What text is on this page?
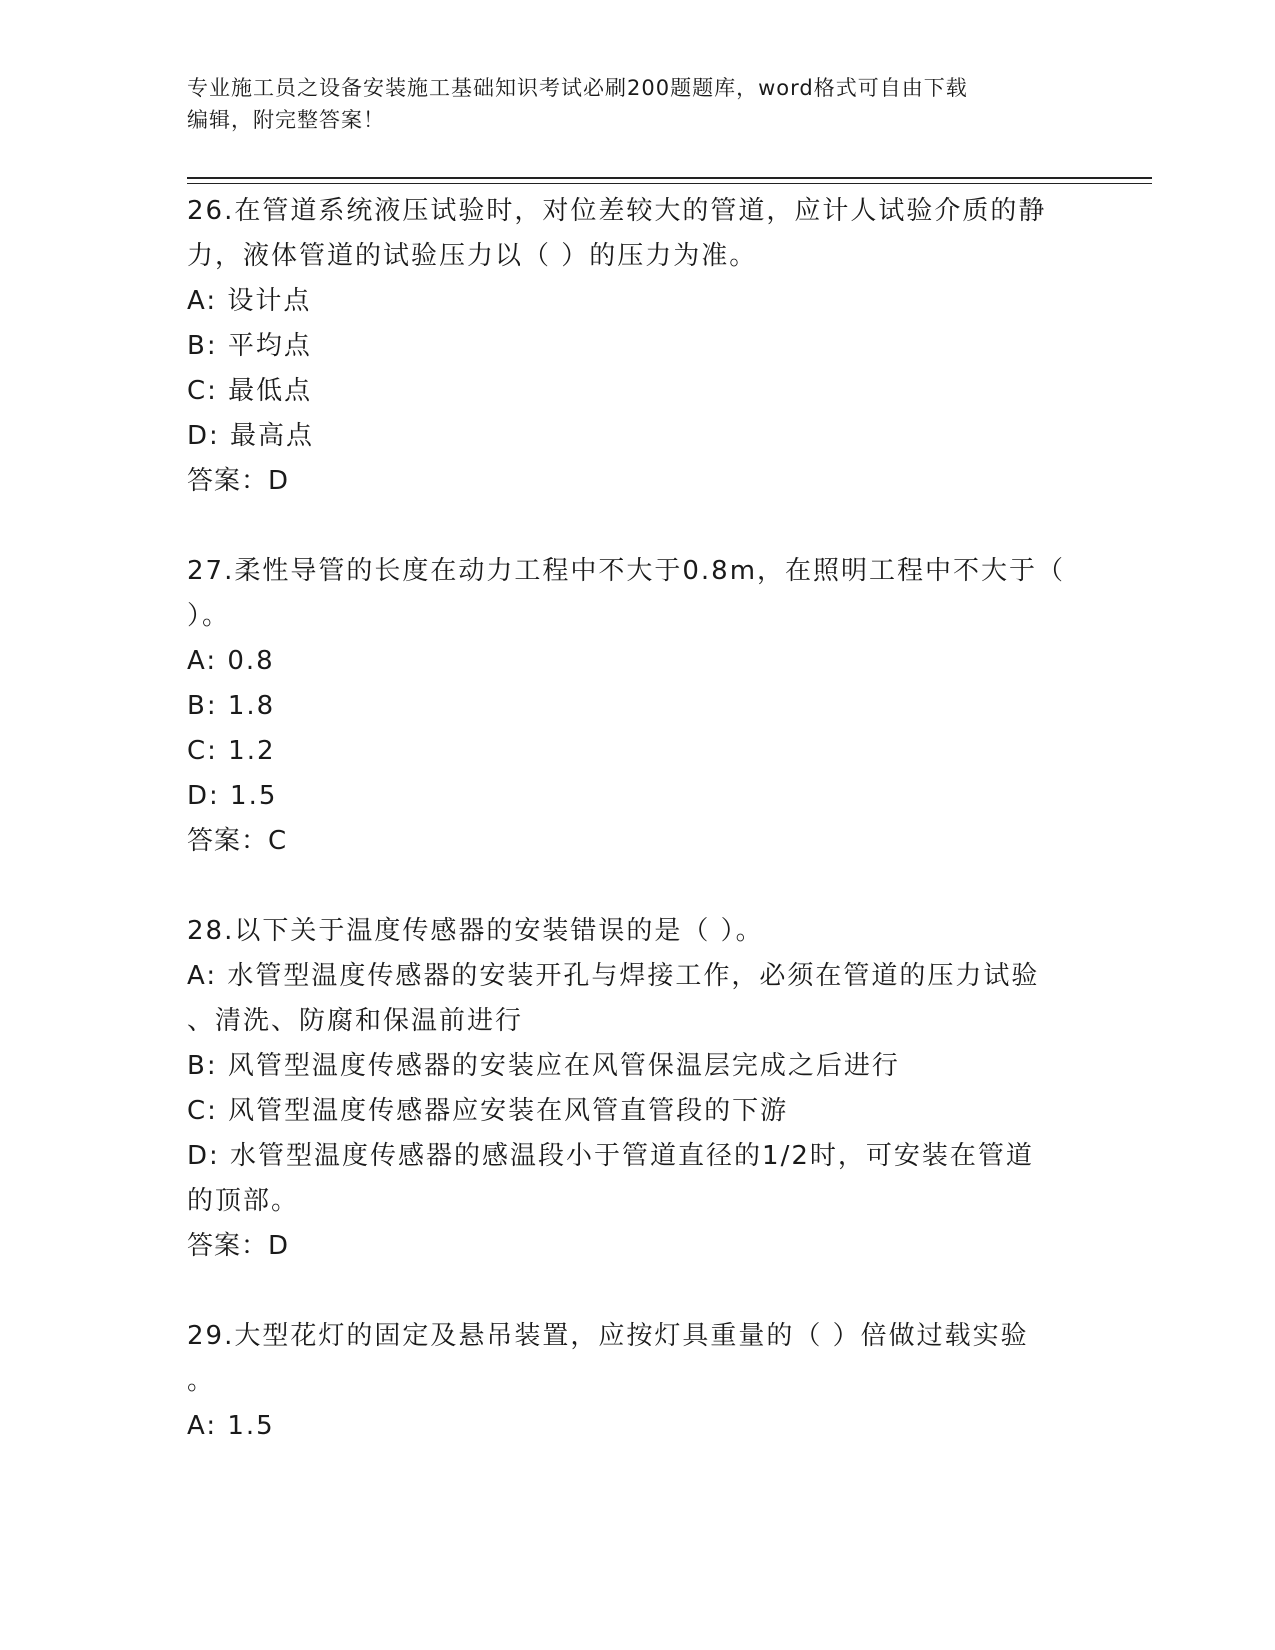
专业施工员之设备安装施工基础知识考试必刷200题题库，word格式可自由下载
编辑，附完整答案！

26.在管道系统液压试验时，对位差较大的管道，应计人试验介质的静

力，液体管道的试验压力以（ ）的压力为准。

A: 设计点

B: 平均点

C: 最低点

D: 最高点

答案：D

27.柔性导管的长度在动力工程中不大于0.8m，在照明工程中不大于（

）。

A: 0.8

B: 1.8

C: 1.2

D: 1.5

答案：C

28.以下关于温度传感器的安装错误的是（ ）。

A: 水管型温度传感器的安装开孔与焊接工作，必须在管道的压力试验

、清洗、防腐和保温前进行

B: 风管型温度传感器的安装应在风管保温层完成之后进行

C: 风管型温度传感器应安装在风管直管段的下游

D: 水管型温度传感器的感温段小于管道直径的1/2时，可安装在管道

的顶部。

答案：D

29.大型花灯的固定及悬吊装置，应按灯具重量的（ ）倍做过载实验

。

A: 1.5
